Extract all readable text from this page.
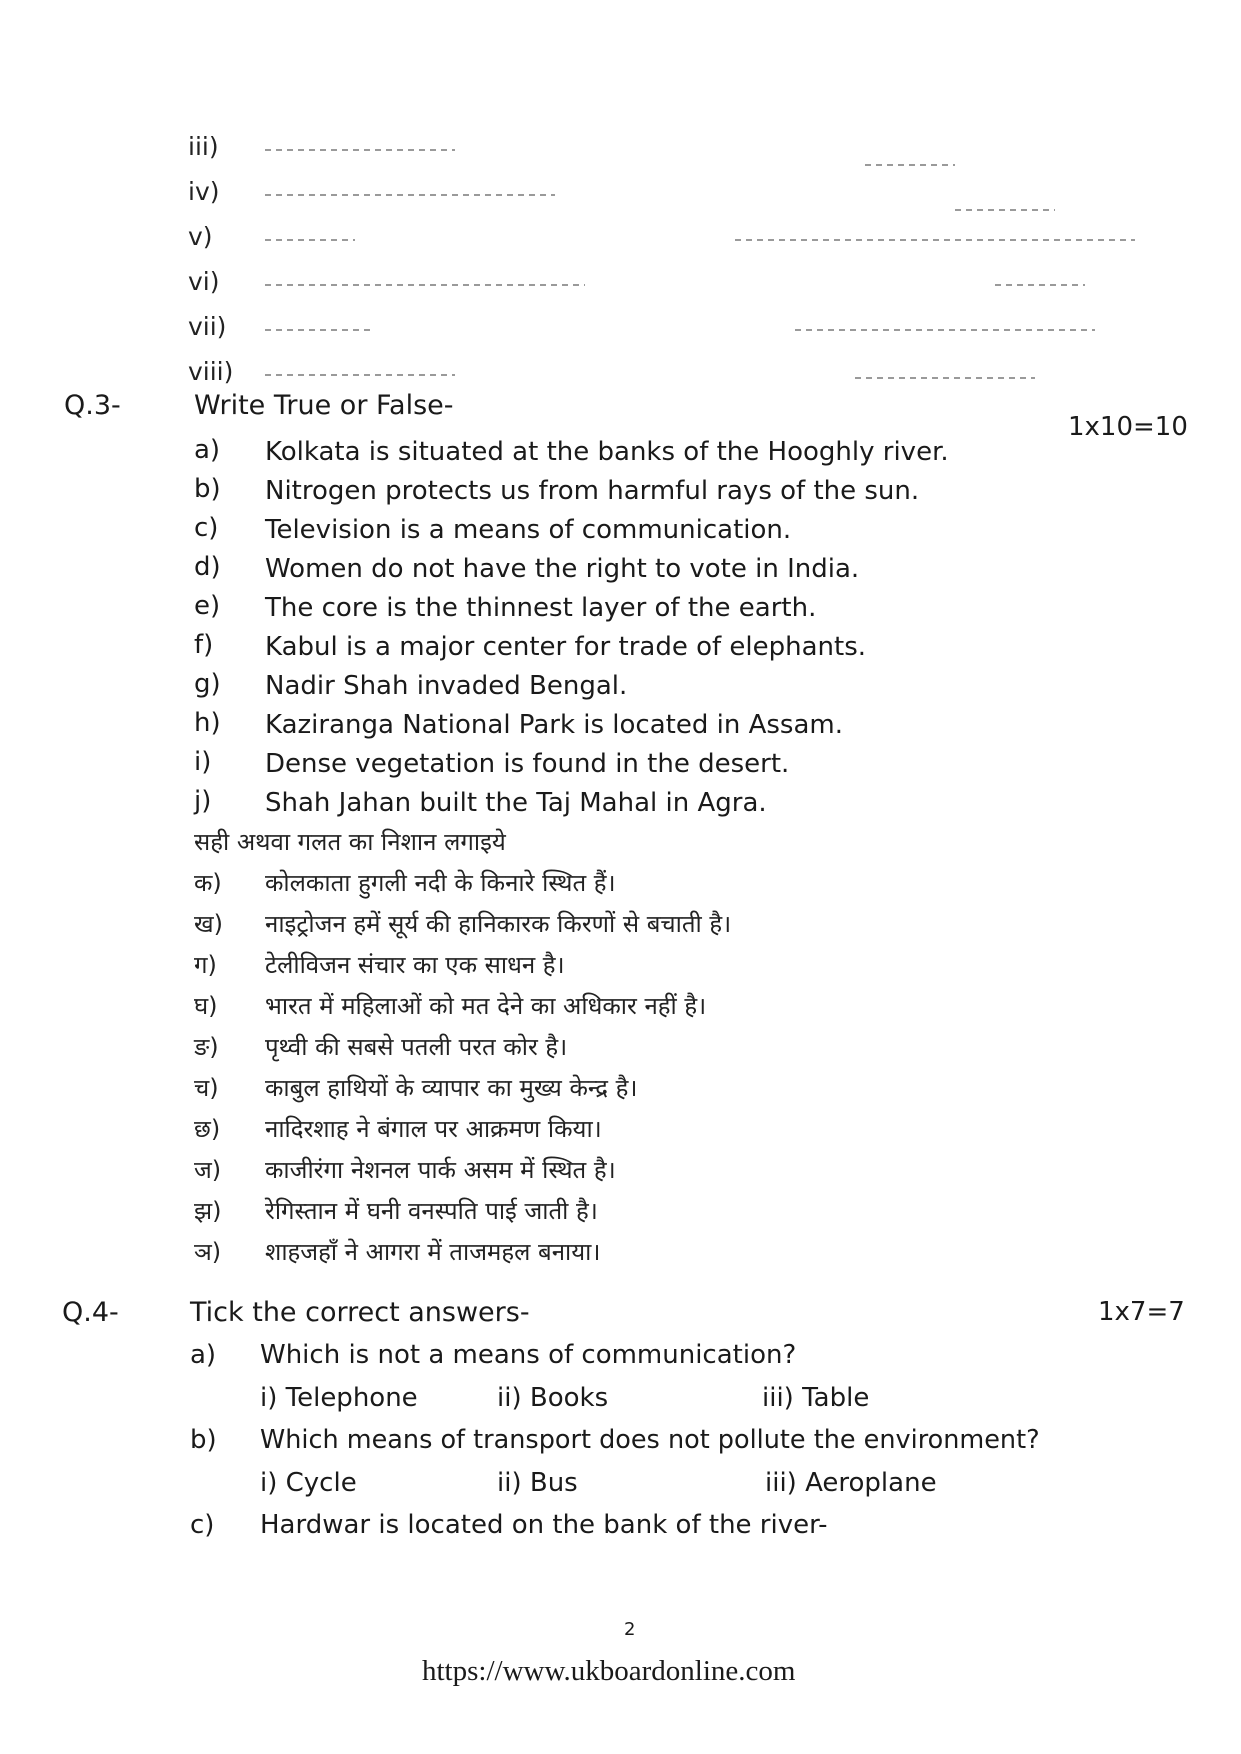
iii)
iv)
v)
vi)
vii)
viii)
Q.3-	Write True or False-
1x10=10
a) Kolkata is situated at the banks of the Hooghly river.
b) Nitrogen protects us from harmful rays of the sun.
c) Television is a means of communication.
d) Women do not have the right to vote in India.
e) The core is the thinnest layer of the earth.
f) Kabul is a major center for trade of elephants.
g) Nadir Shah invaded Bengal.
h) Kaziranga National Park is located in Assam.
i) Dense vegetation is found in the desert.
j) Shah Jahan built the Taj Mahal in Agra.
सही अथवा गलत का निशान लगाइये
क) कोलकाता हुगली नदी के किनारे स्थित हैं।
ख) नाइट्रोजन हमें सूर्य की हानिकारक किरणों से बचाती है।
ग) टेलीविजन संचार का एक साधन है।
घ) भारत में महिलाओं को मत देने का अधिकार नहीं है।
ङ) पृथ्वी की सबसे पतली परत कोर है।
च) काबुल हाथियों के व्यापार का मुख्य केन्द्र है।
छ) नादिरशाह ने बंगाल पर आक्रमण किया।
ज) काजीरंगा नेशनल पार्क असम में स्थित है।
झ) रेगिस्तान में घनी वनस्पति पाई जाती है।
ञ) शाहजहाँ ने आगरा में ताजमहल बनाया।
Q.4-	Tick the correct answers-	1x7=7
a) Which is not a means of communication?
i) Telephone	ii) Books	iii) Table
b) Which means of transport does not pollute the environment?
i) Cycle	ii) Bus	iii) Aeroplane
c) Hardwar is located on the bank of the river-
2
https://www.ukboardonline.com
